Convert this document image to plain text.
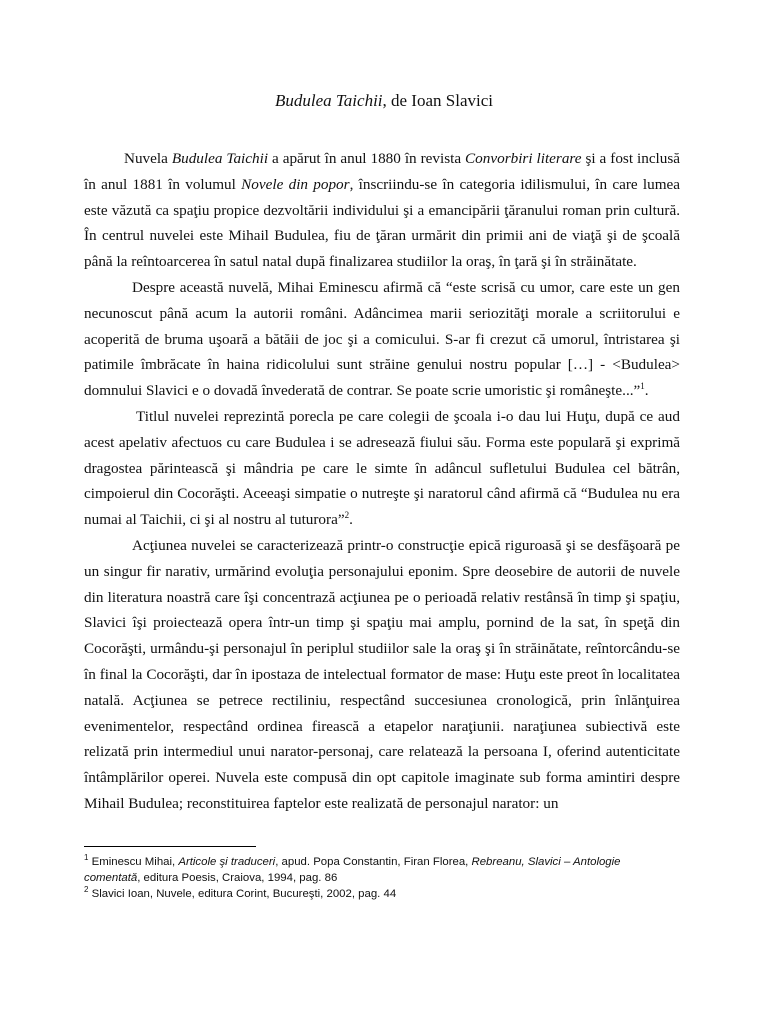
Budulea Taichii, de Ioan Slavici

Nuvela Budulea Taichii a apărut în anul 1880 în revista Convorbiri literare şi a fost inclusă în anul 1881 în volumul Novele din popor, înscriindu-se în categoria idilismului, în care lumea este văzută ca spaţiu propice dezvoltării individului şi a emancipării ţăranului roman prin cultură. În centrul nuvelei este Mihail Budulea, fiu de ţăran urmărit din primii ani de viaţă şi de şcoală până la reîntoarcerea în satul natal după finalizarea studiilor la oraş, în ţară şi în străinătate.

Despre această nuvelă, Mihai Eminescu afirmă că “este scrisă cu umor, care este un gen necunoscut până acum la autorii români. Adâncimea marii seriozităţi morale a scriitorului e acoperită de bruma uşoară a bătăii de joc şi a comicului. S-ar fi crezut că umorul, întristarea şi patimile îmbrăcate în haina ridicolului sunt străine genului nostru popular […] - <Budulea> domnului Slavici e o dovadă învederată de contrar. Se poate scrie umoristic şi româneşte...”$^1$.

Titlul nuvelei reprezintă porecla pe care colegii de şcoala i-o dau lui Huţu, după ce aud acest apelativ afectuos cu care Budulea i se adresează fiului său. Forma este populară şi exprimă dragostea părintească şi mândria pe care le simte în adâncul sufletului Budulea cel bătrân, cimpoierul din Cocorăşti. Aceeaşi simpatie o nutreşte şi naratorul când afirmă că “Budulea nu era numai al Taichii, ci şi al nostru al tuturora”$^2$.

Acţiunea nuvelei se caracterizează printr-o construcţie epică riguroasă şi se desfăşoară pe un singur fir narativ, urmărind evoluţia personajului eponim. Spre deosebire de autorii de nuvele din literatura noastră care îşi concentrază acţiunea pe o perioadă relativ restânsă în timp şi spaţiu, Slavici îşi proiectează opera într-un timp şi spaţiu mai amplu, pornind de la sat, în speţă din Cocorăşti, urmându-şi personajul în periplul studiilor sale la oraş şi în străinătate, reîntorcându-se în final la Cocorăşti, dar în ipostaza de intelectual formator de mase: Huţu este preot în localitatea natală. Acţiunea se petrece rectiliniu, respectând succesiunea cronologică, prin înlănţuirea evenimentelor, respectând ordinea firească a etapelor naraţiunii. naraţiunea subiectivă este relizată prin intermediul unui narator-personaj, care relatează la persoana I, oferind autenticitate întâmplărilor operei. Nuvela este compusă din opt capitole imaginate sub forma amintiri despre Mihail Budulea; reconstituirea faptelor este realizată de personajul narator: un

$^1$ Eminescu Mihai, Articole şi traduceri, apud. Popa Constantin, Firan Florea, Rebreanu, Slavici – Antologie comentată, editura Poesis, Craiova, 1994, pag. 86

$^2$ Slavici Ioan, Nuvele, editura Corint, Bucureşti, 2002, pag. 44
